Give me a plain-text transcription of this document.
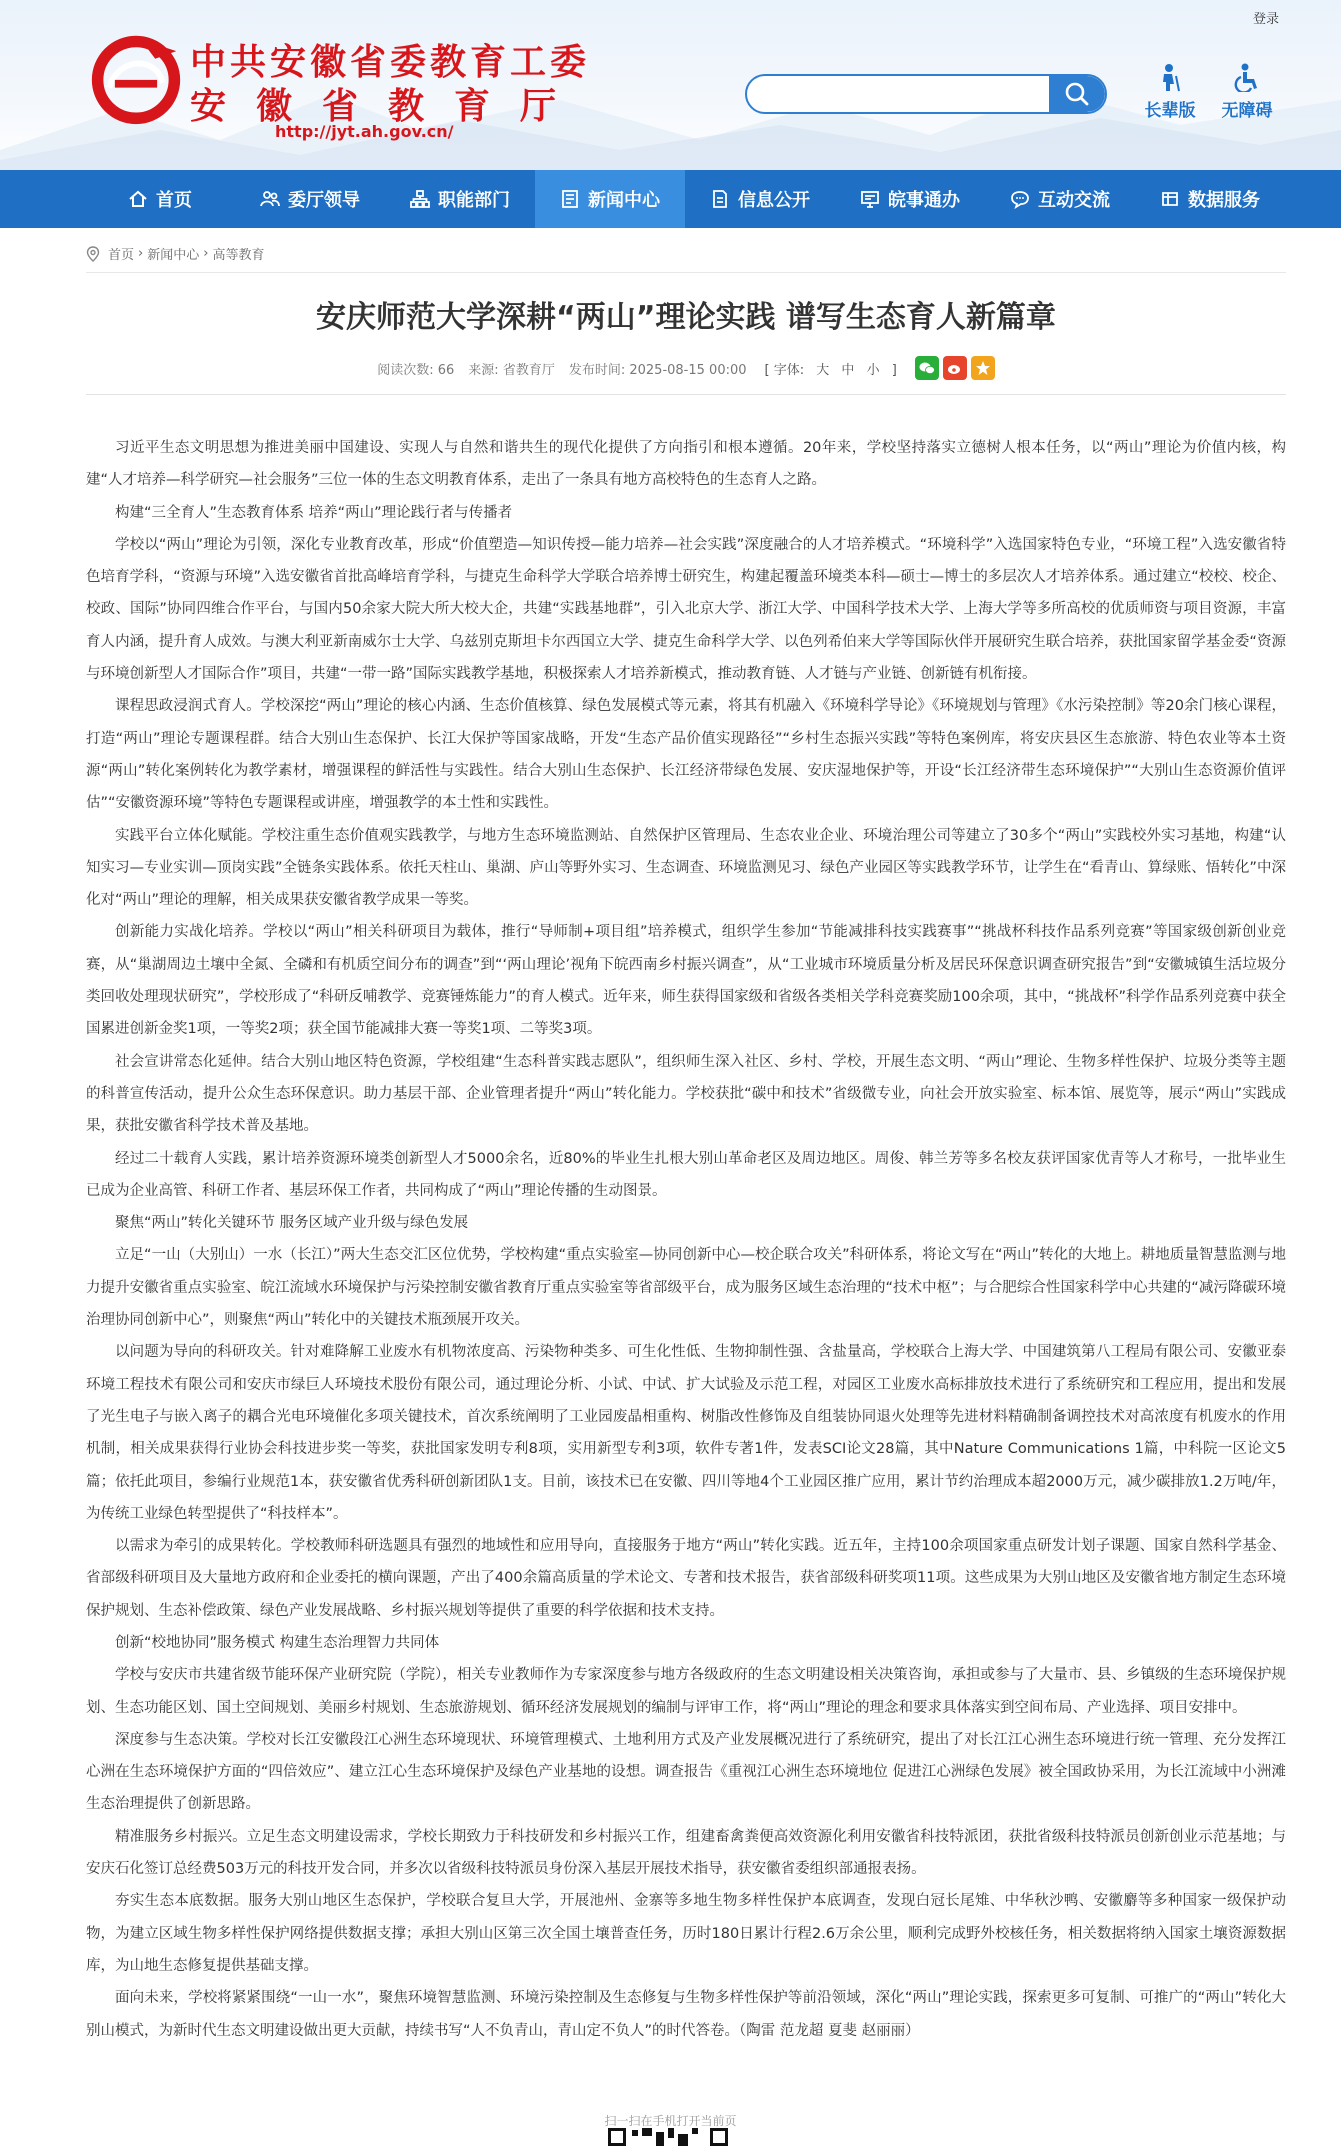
登录
中共安徽省委教育工委
安徽省教育厅
http://jyt.ah.gov.cn/
长辈版	无障碍
首页	委厅领导	职能部门	新闻中心	信息公开	皖事通办	互动交流	数据服务
首页 › 新闻中心 › 高等教育
安庆师范大学深耕“两山”理论实践 谱写生态育人新篇章
阅读次数: 66 来源: 省教育厅 发布时间: 2025-08-15 00:00	[ 字体: 大 中 小 ]

习近平生态文明思想为推进美丽中国建设、实现人与自然和谐共生的现代化提供了方向指引和根本遵循。20年来，学校坚持落实立德树人根本任务，以“两山”理论为价值内核，构建“人才培养—科学研究—社会服务”三位一体的生态文明教育体系，走出了一条具有地方高校特色的生态育人之路。

构建“三全育人”生态教育体系 培养“两山”理论践行者与传播者

学校以“两山”理论为引领，深化专业教育改革，形成“价值塑造—知识传授—能力培养—社会实践”深度融合的人才培养模式。“环境科学”入选国家特色专业，“环境工程”入选安徽省特色培育学科，“资源与环境”入选安徽省首批高峰培育学科，与捷克生命科学大学联合培养博士研究生，构建起覆盖环境类本科—硕士—博士的多层次人才培养体系。通过建立“校校、校企、校政、国际”协同四维合作平台，与国内50余家大院大所大校大企，共建“实践基地群”，引入北京大学、浙江大学、中国科学技术大学、上海大学等多所高校的优质师资与项目资源，丰富育人内涵，提升育人成效。与澳大利亚新南威尔士大学、乌兹别克斯坦卡尔西国立大学、捷克生命科学大学、以色列希伯来大学等国际伙伴开展研究生联合培养，获批国家留学基金委“资源与环境创新型人才国际合作”项目，共建“一带一路”国际实践教学基地，积极探索人才培养新模式，推动教育链、人才链与产业链、创新链有机衔接。

课程思政浸润式育人。学校深挖“两山”理论的核心内涵、生态价值核算、绿色发展模式等元素，将其有机融入《环境科学导论》《环境规划与管理》《水污染控制》等20余门核心课程，打造“两山”理论专题课程群。结合大别山生态保护、长江大保护等国家战略，开发“生态产品价值实现路径”“乡村生态振兴实践”等特色案例库，将安庆县区生态旅游、特色农业等本土资源“两山”转化案例转化为教学素材，增强课程的鲜活性与实践性。结合大别山生态保护、长江经济带绿色发展、安庆湿地保护等，开设“长江经济带生态环境保护”“大别山生态资源价值评估”“安徽资源环境”等特色专题课程或讲座，增强教学的本土性和实践性。

实践平台立体化赋能。学校注重生态价值观实践教学，与地方生态环境监测站、自然保护区管理局、生态农业企业、环境治理公司等建立了30多个“两山”实践校外实习基地，构建“认知实习—专业实训—顶岗实践”全链条实践体系。依托天柱山、巢湖、庐山等野外实习、生态调查、环境监测见习、绿色产业园区等实践教学环节，让学生在“看青山、算绿账、悟转化”中深化对“两山”理论的理解，相关成果获安徽省教学成果一等奖。

创新能力实战化培养。学校以“两山”相关科研项目为载体，推行“导师制+项目组”培养模式，组织学生参加“节能减排科技实践赛事”“挑战杯科技作品系列竞赛”等国家级创新创业竞赛，从“巢湖周边土壤中全氮、全磷和有机质空间分布的调查”到“‘两山理论’视角下皖西南乡村振兴调查”，从“工业城市环境质量分析及居民环保意识调查研究报告”到“安徽城镇生活垃圾分类回收处理现状研究”，学校形成了“科研反哺教学、竞赛锤炼能力”的育人模式。近年来，师生获得国家级和省级各类相关学科竞赛奖励100余项，其中，“挑战杯”科学作品系列竞赛中获全国累进创新金奖1项，一等奖2项；获全国节能减排大赛一等奖1项、二等奖3项。

社会宣讲常态化延伸。结合大别山地区特色资源，学校组建“生态科普实践志愿队”，组织师生深入社区、乡村、学校，开展生态文明、“两山”理论、生物多样性保护、垃圾分类等主题的科普宣传活动，提升公众生态环保意识。助力基层干部、企业管理者提升“两山”转化能力。学校获批“碳中和技术”省级微专业，向社会开放实验室、标本馆、展览等，展示“两山”实践成果，获批安徽省科学技术普及基地。

经过二十载育人实践，累计培养资源环境类创新型人才5000余名，近80%的毕业生扎根大别山革命老区及周边地区。周俊、韩兰芳等多名校友获评国家优青等人才称号，一批毕业生已成为企业高管、科研工作者、基层环保工作者，共同构成了“两山”理论传播的生动图景。

聚焦“两山”转化关键环节 服务区域产业升级与绿色发展

立足“一山（大别山）一水（长江）”两大生态交汇区位优势，学校构建“重点实验室—协同创新中心—校企联合攻关”科研体系，将论文写在“两山”转化的大地上。耕地质量智慧监测与地力提升安徽省重点实验室、皖江流域水环境保护与污染控制安徽省教育厅重点实验室等省部级平台，成为服务区域生态治理的“技术中枢”；与合肥综合性国家科学中心共建的“减污降碳环境治理协同创新中心”，则聚焦“两山”转化中的关键技术瓶颈展开攻关。

以问题为导向的科研攻关。针对难降解工业废水有机物浓度高、污染物种类多、可生化性低、生物抑制性强、含盐量高，学校联合上海大学、中国建筑第八工程局有限公司、安徽亚泰环境工程技术有限公司和安庆市绿巨人环境技术股份有限公司，通过理论分析、小试、中试、扩大试验及示范工程，对园区工业废水高标排放技术进行了系统研究和工程应用，提出和发展了光生电子与嵌入离子的耦合光电环境催化多项关键技术，首次系统阐明了工业园废晶相重构、树脂改性修饰及自组装协同退火处理等先进材料精确制备调控技术对高浓度有机废水的作用机制，相关成果获得行业协会科技进步奖一等奖，获批国家发明专利8项，实用新型专利3项，软件专著1件，发表SCI论文28篇，其中Nature Communications 1篇，中科院一区论文5篇；依托此项目，参编行业规范1本，获安徽省优秀科研创新团队1支。目前，该技术已在安徽、四川等地4个工业园区推广应用，累计节约治理成本超2000万元，减少碳排放1.2万吨/年，为传统工业绿色转型提供了“科技样本”。

以需求为牵引的成果转化。学校教师科研选题具有强烈的地域性和应用导向，直接服务于地方“两山”转化实践。近五年，主持100余项国家重点研发计划子课题、国家自然科学基金、省部级科研项目及大量地方政府和企业委托的横向课题，产出了400余篇高质量的学术论文、专著和技术报告，获省部级科研奖项11项。这些成果为大别山地区及安徽省地方制定生态环境保护规划、生态补偿政策、绿色产业发展战略、乡村振兴规划等提供了重要的科学依据和技术支持。

创新“校地协同”服务模式 构建生态治理智力共同体

学校与安庆市共建省级节能环保产业研究院（学院），相关专业教师作为专家深度参与地方各级政府的生态文明建设相关决策咨询，承担或参与了大量市、县、乡镇级的生态环境保护规划、生态功能区划、国土空间规划、美丽乡村规划、生态旅游规划、循环经济发展规划的编制与评审工作，将“两山”理论的理念和要求具体落实到空间布局、产业选择、项目安排中。

深度参与生态决策。学校对长江安徽段江心洲生态环境现状、环境管理模式、土地利用方式及产业发展概况进行了系统研究，提出了对长江江心洲生态环境进行统一管理、充分发挥江心洲在生态环境保护方面的“四倍效应”、建立江心生态环境保护及绿色产业基地的设想。调查报告《重视江心洲生态环境地位 促进江心洲绿色发展》被全国政协采用，为长江流域中小洲滩生态治理提供了创新思路。

精准服务乡村振兴。立足生态文明建设需求，学校长期致力于科技研发和乡村振兴工作，组建畜禽粪便高效资源化利用安徽省科技特派团，获批省级科技特派员创新创业示范基地；与安庆石化签订总经费503万元的科技开发合同，并多次以省级科技特派员身份深入基层开展技术指导，获安徽省委组织部通报表扬。

夯实生态本底数据。服务大别山地区生态保护，学校联合复旦大学，开展池州、金寨等多地生物多样性保护本底调查，发现白冠长尾雉、中华秋沙鸭、安徽麝等多种国家一级保护动物，为建立区域生物多样性保护网络提供数据支撑；承担大别山区第三次全国土壤普查任务，历时180日累计行程2.6万余公里，顺利完成野外校核任务，相关数据将纳入国家土壤资源数据库，为山地生态修复提供基础支撑。

面向未来，学校将紧紧围绕“一山一水”，聚焦环境智慧监测、环境污染控制及生态修复与生物多样性保护等前沿领域，深化“两山”理论实践，探索更多可复制、可推广的“两山”转化大别山模式，为新时代生态文明建设做出更大贡献，持续书写“人不负青山，青山定不负人”的时代答卷。（陶雷 范龙超 夏斐 赵丽丽）

扫一扫在手机打开当前页
